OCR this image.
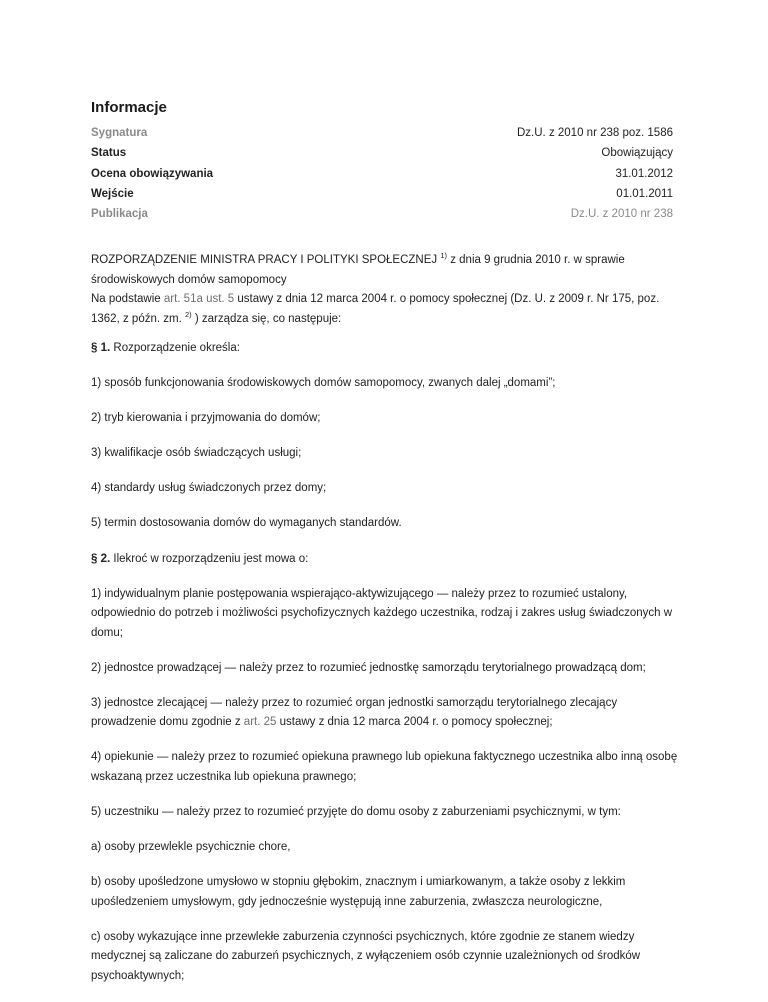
Informacje
Sygnatura	Dz.U. z 2010 nr 238 poz. 1586
Status	Obowiązujący
Ocena obowiązywania	31.01.2012
Wejście	01.01.2011
Publikacja	Dz.U. z 2010 nr 238

ROZPORZĄDZENIE MINISTRA PRACY I POLITYKI SPOŁECZNEJ $^{1)}$ z dnia 9 grudnia 2010 r. w sprawie środowiskowych domów samopomocy
Na podstawie art. 51a ust. 5 ustawy z dnia 12 marca 2004 r. o pomocy społecznej (Dz. U. z 2009 r. Nr 175, poz. 1362, z późn. zm. $^{2)}$ ) zarządza się, co następuje:

§ 1. Rozporządzenie określa:

1) sposób funkcjonowania środowiskowych domów samopomocy, zwanych dalej „domami”;

2) tryb kierowania i przyjmowania do domów;

3) kwalifikacje osób świadczących usługi;

4) standardy usług świadczonych przez domy;

5) termin dostosowania domów do wymaganych standardów.

§ 2. Ilekroć w rozporządzeniu jest mowa o:

1) indywidualnym planie postępowania wspierająco-aktywizującego — należy przez to rozumieć ustalony, odpowiednio do potrzeb i możliwości psychofizycznych każdego uczestnika, rodzaj i zakres usług świadczonych w domu;

2) jednostce prowadzącej — należy przez to rozumieć jednostkę samorządu terytorialnego prowadzącą dom;

3) jednostce zlecającej — należy przez to rozumieć organ jednostki samorządu terytorialnego zlecający prowadzenie domu zgodnie z art. 25 ustawy z dnia 12 marca 2004 r. o pomocy społecznej;

4) opiekunie — należy przez to rozumieć opiekuna prawnego lub opiekuna faktycznego uczestnika albo inną osobę wskazaną przez uczestnika lub opiekuna prawnego;

5) uczestniku — należy przez to rozumieć przyjęte do domu osoby z zaburzeniami psychicznymi, w tym:

a) osoby przewlekle psychicznie chore,

b) osoby upośledzone umysłowo w stopniu głębokim, znacznym i umiarkowanym, a także osoby z lekkim upośledzeniem umysłowym, gdy jednocześnie występują inne zaburzenia, zwłaszcza neurologiczne,

c) osoby wykazujące inne przewlekłe zaburzenia czynności psychicznych, które zgodnie ze stanem wiedzy medycznej są zaliczane do zaburzeń psychicznych, z wyłączeniem osób czynnie uzależnionych od środków psychoaktywnych;
